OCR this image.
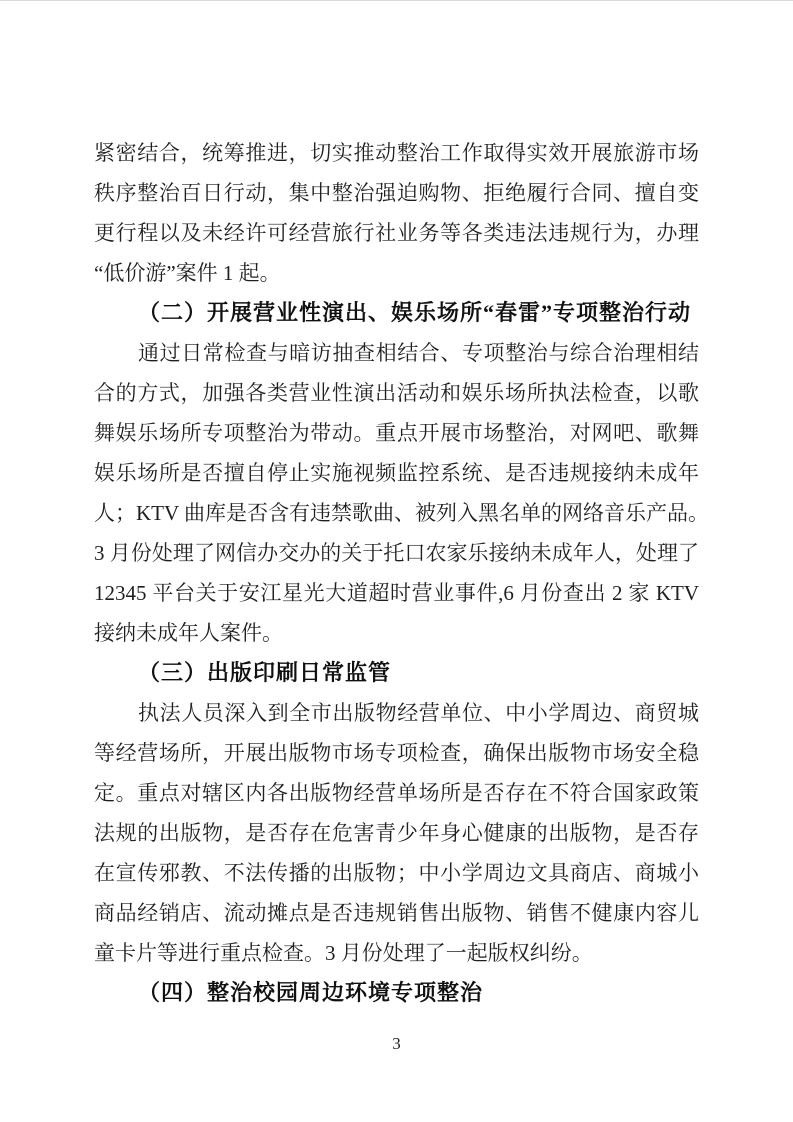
紧密结合，统筹推进，切实推动整治工作取得实效开展旅游市场
秩序整治百日行动，集中整治强迫购物、拒绝履行合同、擅自变
更行程以及未经许可经营旅行社业务等各类违法违规行为，办理
“低价游”案件 1 起。
（二）开展营业性演出、娱乐场所“春雷”专项整治行动
通过日常检查与暗访抽查相结合、专项整治与综合治理相结
合的方式，加强各类营业性演出活动和娱乐场所执法检查，以歌
舞娱乐场所专项整治为带动。重点开展市场整治，对网吧、歌舞
娱乐场所是否擅自停止实施视频监控系统、是否违规接纳未成年
人；KTV 曲库是否含有违禁歌曲、被列入黑名单的网络音乐产品。
3 月份处理了网信办交办的关于托口农家乐接纳未成年人，处理了
12345 平台关于安江星光大道超时营业事件,6 月份查出 2 家 KTV
接纳未成年人案件。
（三）出版印刷日常监管
执法人员深入到全市出版物经营单位、中小学周边、商贸城
等经营场所，开展出版物市场专项检查，确保出版物市场安全稳
定。重点对辖区内各出版物经营单场所是否存在不符合国家政策
法规的出版物，是否存在危害青少年身心健康的出版物，是否存
在宣传邪教、不法传播的出版物；中小学周边文具商店、商城小
商品经销店、流动摊点是否违规销售出版物、销售不健康内容儿
童卡片等进行重点检查。3 月份处理了一起版权纠纷。
（四）整治校园周边环境专项整治
3
